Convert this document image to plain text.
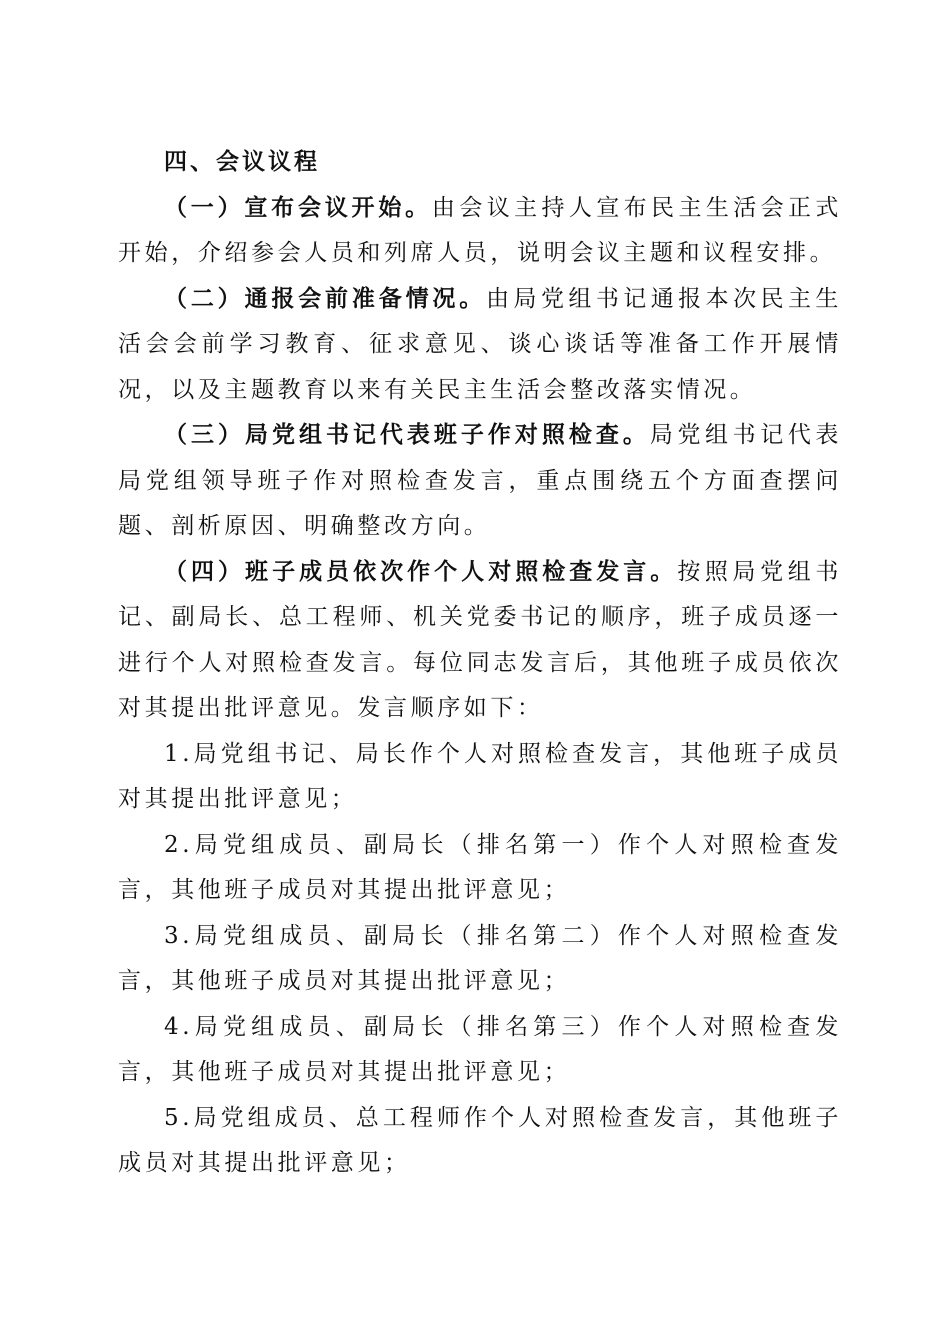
四、会议议程

（一）宣布会议开始。由会议主持人宣布民主生活会正式开始，介绍参会人员和列席人员，说明会议主题和议程安排。

（二）通报会前准备情况。由局党组书记通报本次民主生活会会前学习教育、征求意见、谈心谈话等准备工作开展情况，以及主题教育以来有关民主生活会整改落实情况。

（三）局党组书记代表班子作对照检查。局党组书记代表局党组领导班子作对照检查发言，重点围绕五个方面查摆问题、剖析原因、明确整改方向。

（四）班子成员依次作个人对照检查发言。按照局党组书记、副局长、总工程师、机关党委书记的顺序，班子成员逐一进行个人对照检查发言。每位同志发言后，其他班子成员依次对其提出批评意见。发言顺序如下：

1.局党组书记、局长作个人对照检查发言，其他班子成员对其提出批评意见；

2.局党组成员、副局长（排名第一）作个人对照检查发言，其他班子成员对其提出批评意见；

3.局党组成员、副局长（排名第二）作个人对照检查发言，其他班子成员对其提出批评意见；

4.局党组成员、副局长（排名第三）作个人对照检查发言，其他班子成员对其提出批评意见；

5.局党组成员、总工程师作个人对照检查发言，其他班子成员对其提出批评意见；
